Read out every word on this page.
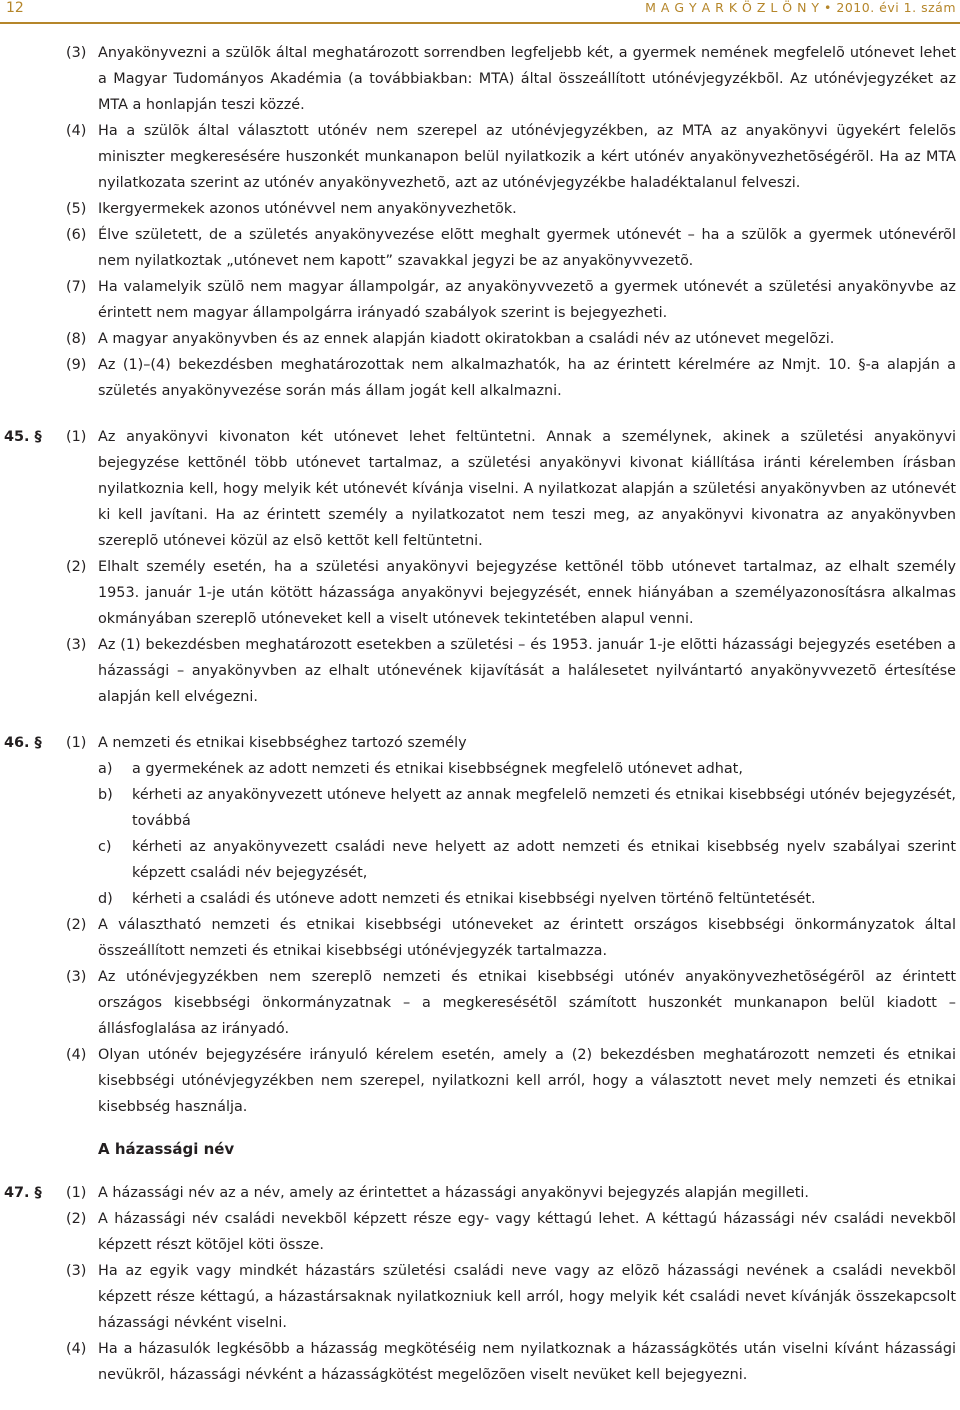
12	M A G Y A R K Ö Z L Ö N Y • 2010. évi 1. szám
(3) Anyakönyvezni a szülõk által meghatározott sorrendben legfeljebb két, a gyermek nemének megfelelõ utónevet lehet a Magyar Tudományos Akadémia (a továbbiakban: MTA) által összeállított utónévjegyzékbõl. Az utónévjegyzéket az MTA a honlapján teszi közzé.
(4) Ha a szülõk által választott utónév nem szerepel az utónévjegyzékben, az MTA az anyakönyvi ügyekért felelõs miniszter megkeresésére huszonkét munkanapon belül nyilatkozik a kért utónév anyakönyvezhetõségérõl. Ha az MTA nyilatkozata szerint az utónév anyakönyvezhetõ, azt az utónévjegyzékbe haladéktalanul felveszi.
(5) Ikergyermekek azonos utónévvel nem anyakönyvezhetõk.
(6) Élve született, de a születés anyakönyvezése elõtt meghalt gyermek utónevét – ha a szülõk a gyermek utónevérõl nem nyilatkoztak „utónevet nem kapott” szavakkal jegyzi be az anyakönyvvezetõ.
(7) Ha valamelyik szülõ nem magyar állampolgár, az anyakönyvvezetõ a gyermek utónevét a születési anyakönyvbe az érintett nem magyar állampolgárra irányadó szabályok szerint is bejegyezheti.
(8) A magyar anyakönyvben és az ennek alapján kiadott okiratokban a családi név az utónevet megelõzi.
(9) Az (1)–(4) bekezdésben meghatározottak nem alkalmazhatók, ha az érintett kérelmére az Nmjt. 10. §-a alapján a születés anyakönyvezése során más állam jogát kell alkalmazni.
45. §	(1) Az anyakönyvi kivonaton két utónevet lehet feltüntetni. Annak a személynek, akinek a születési anyakönyvi bejegyzése kettõnél több utónevet tartalmaz, a születési anyakönyvi kivonat kiállítása iránti kérelemben írásban nyilatkoznia kell, hogy melyik két utónevét kívánja viselni. A nyilatkozat alapján a születési anyakönyvben az utónevét ki kell javítani. Ha az érintett személy a nyilatkozatot nem teszi meg, az anyakönyvi kivonatra az anyakönyvben szereplõ utónevei közül az elsõ kettõt kell feltüntetni.
(2) Elhalt személy esetén, ha a születési anyakönyvi bejegyzése kettõnél több utónevet tartalmaz, az elhalt személy 1953. január 1-je után kötött házassága anyakönyvi bejegyzését, ennek hiányában a személyazonosításra alkalmas okmányában szereplõ utóneveket kell a viselt utónevek tekintetében alapul venni.
(3) Az (1) bekezdésben meghatározott esetekben a születési – és 1953. január 1-je elõtti házassági bejegyzés esetében a házassági – anyakönyvben az elhalt utónevének kijavítását a halálesetet nyilvántartó anyakönyvvezetõ értesítése alapján kell elvégezni.
46. §	(1) A nemzeti és etnikai kisebbséghez tartozó személy
a)	a gyermekének az adott nemzeti és etnikai kisebbségnek megfelelõ utónevet adhat,
b)	kérheti az anyakönyvezett utóneve helyett az annak megfelelõ nemzeti és etnikai kisebbségi utónév bejegyzését, továbbá
c)	kérheti az anyakönyvezett családi neve helyett az adott nemzeti és etnikai kisebbség nyelv szabályai szerint képzett családi név bejegyzését,
d)	kérheti a családi és utóneve adott nemzeti és etnikai kisebbségi nyelven történõ feltüntetését.
(2) A választható nemzeti és etnikai kisebbségi utóneveket az érintett országos kisebbségi önkormányzatok által összeállított nemzeti és etnikai kisebbségi utónévjegyzék tartalmazza.
(3) Az utónévjegyzékben nem szereplõ nemzeti és etnikai kisebbségi utónév anyakönyvezhetõségérõl az érintett országos kisebbségi önkormányzatnak – a megkeresésétõl számított huszonkét munkanapon belül kiadott – állásfoglalása az irányadó.
(4) Olyan utónév bejegyzésére irányuló kérelem esetén, amely a (2) bekezdésben meghatározott nemzeti és etnikai kisebbségi utónévjegyzékben nem szerepel, nyilatkozni kell arról, hogy a választott nevet mely nemzeti és etnikai kisebbség használja.
A házassági név
47. §	(1) A házassági név az a név, amely az érintettet a házassági anyakönyvi bejegyzés alapján megilleti.
(2) A házassági név családi nevekbõl képzett része egy- vagy kéttagú lehet. A kéttagú házassági név családi nevekbõl képzett részt kötõjel köti össze.
(3) Ha az egyik vagy mindkét házastárs születési családi neve vagy az elõzõ házassági nevének a családi nevekbõl képzett része kéttagú, a házastársaknak nyilatkozniuk kell arról, hogy melyik két családi nevet kívánják összekapcsolt házassági névként viselni.
(4) Ha a házasulók legkésõbb a házasság megkötéséig nem nyilatkoznak a házasságkötés után viselni kívánt házassági nevükrõl, házassági névként a házasságkötést megelõzõen viselt nevüket kell bejegyezni.
